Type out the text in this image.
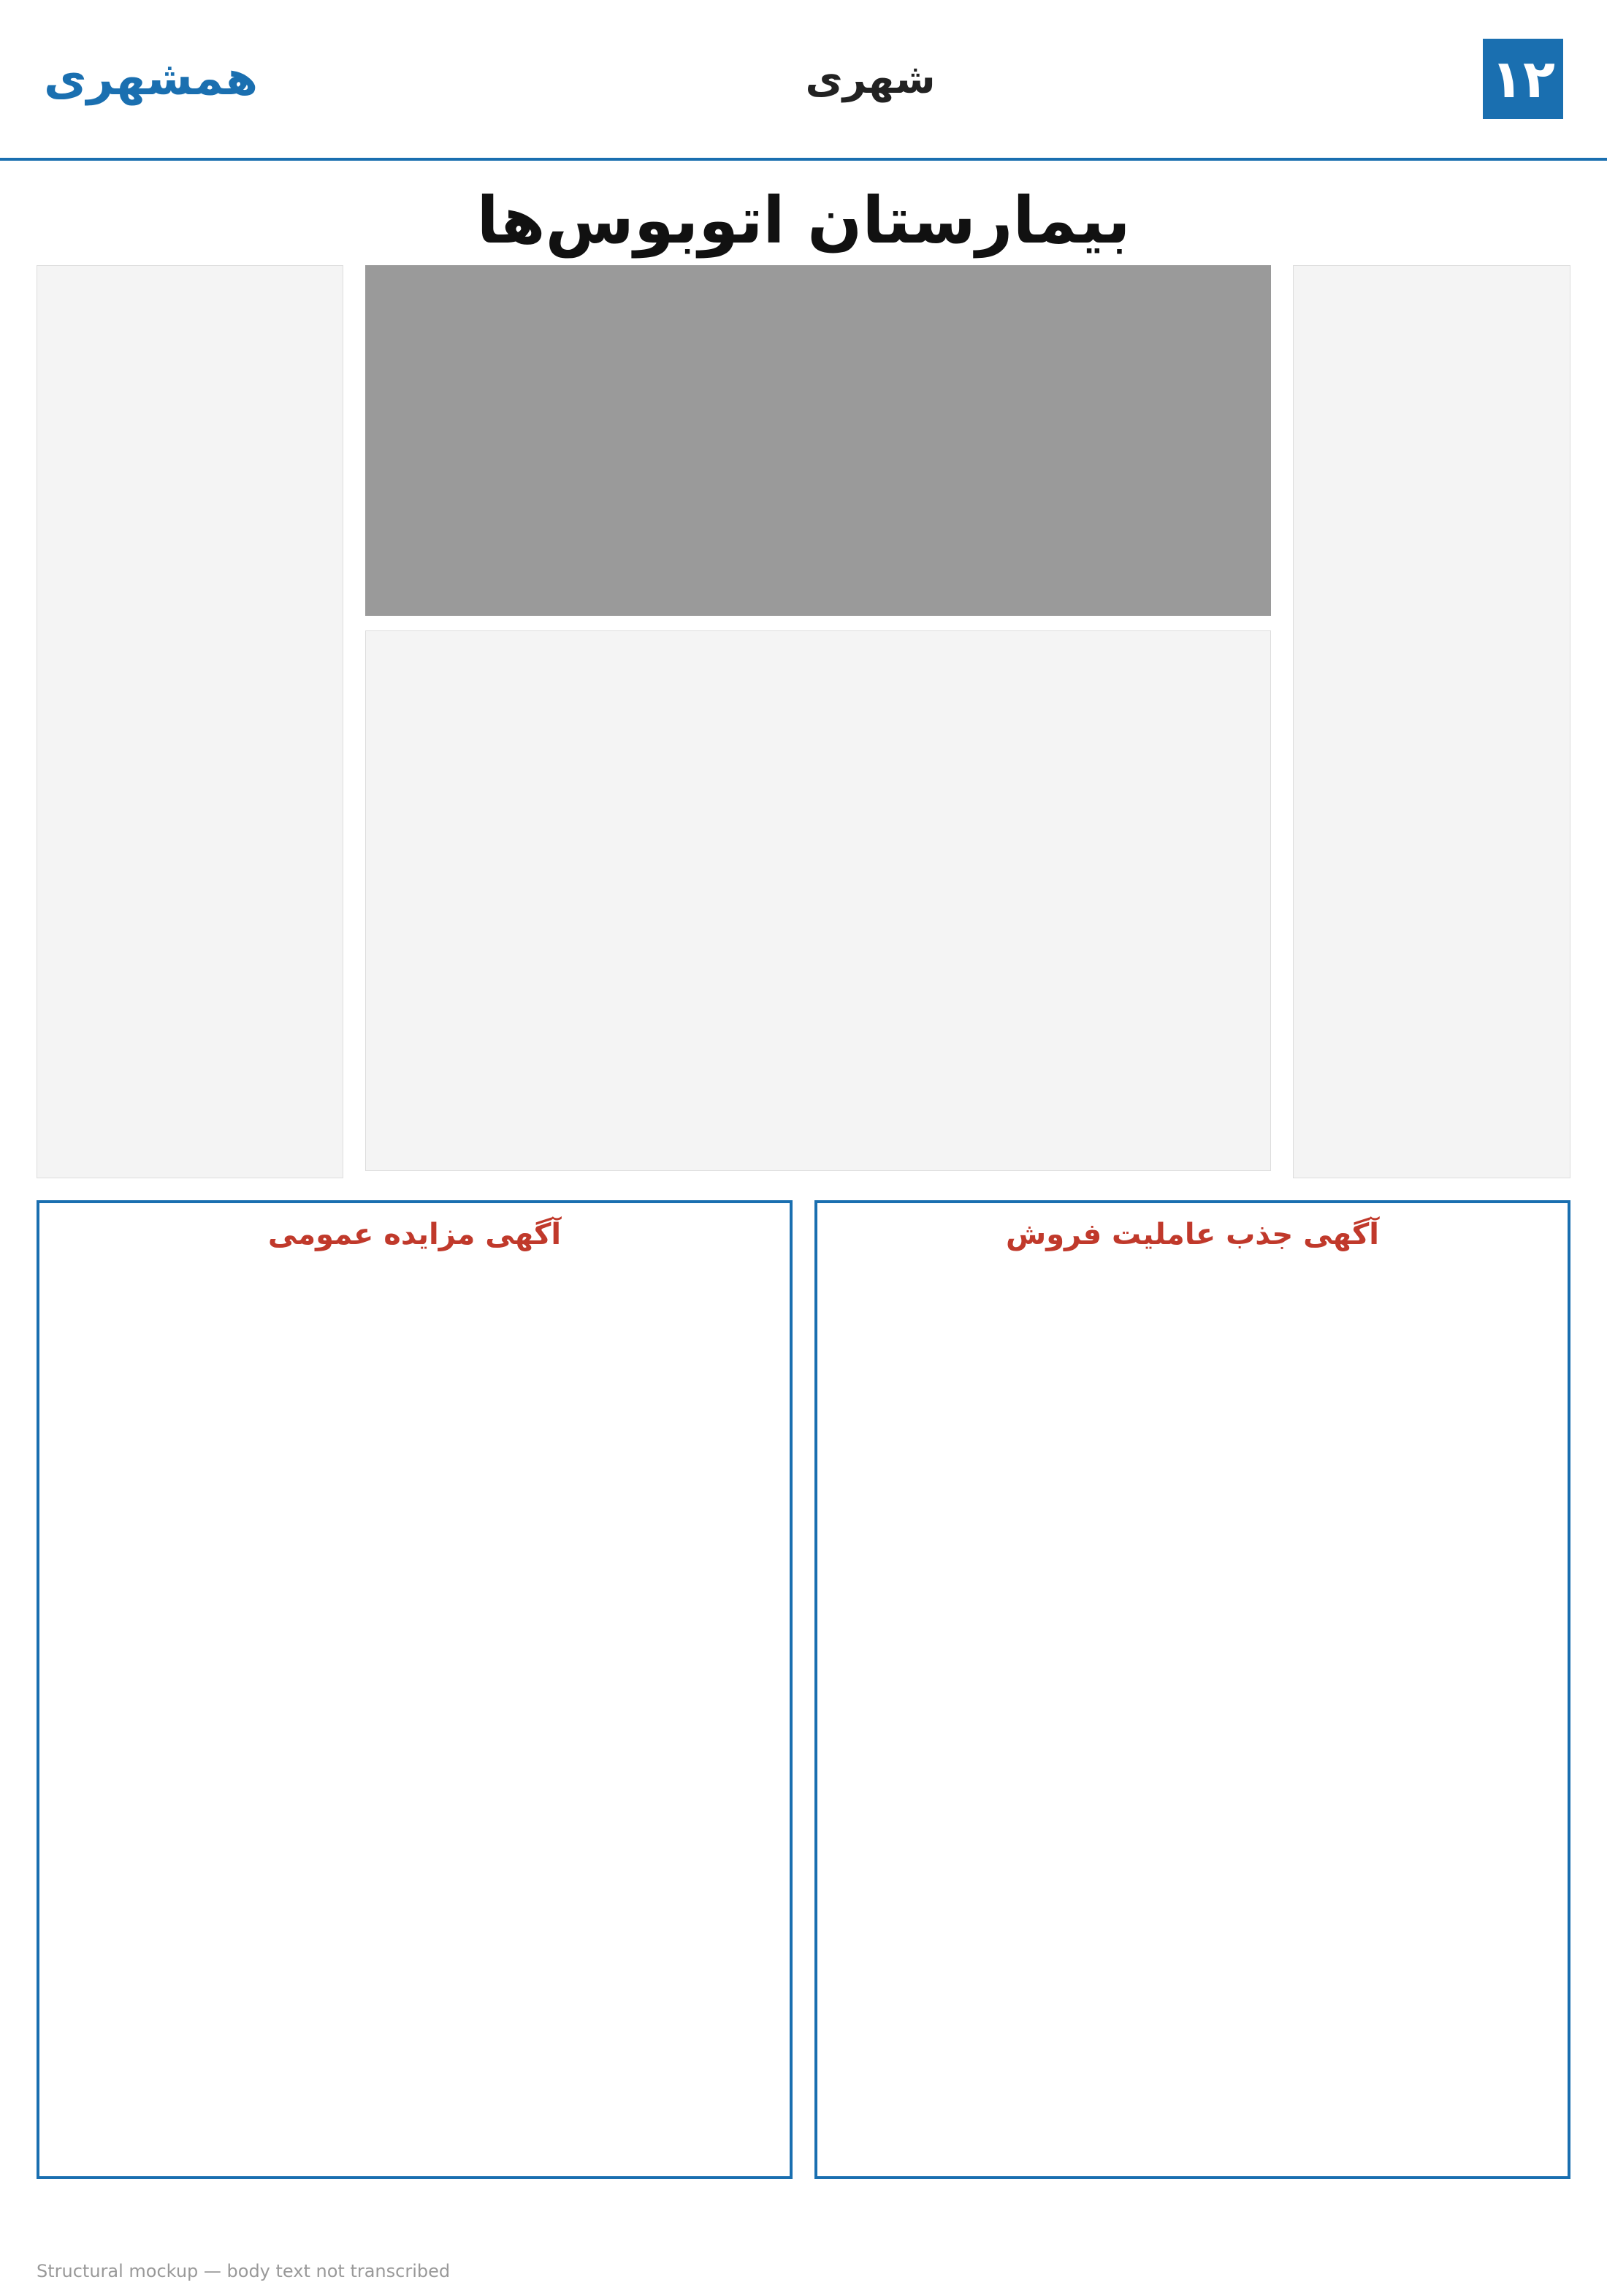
۱۲
شهری
همشهری
بیمارستان اتوبوس‌ها
آگهی جذب عاملیت فروش
آگهی مزایده عمومی
Structural mockup — body text not transcribed
